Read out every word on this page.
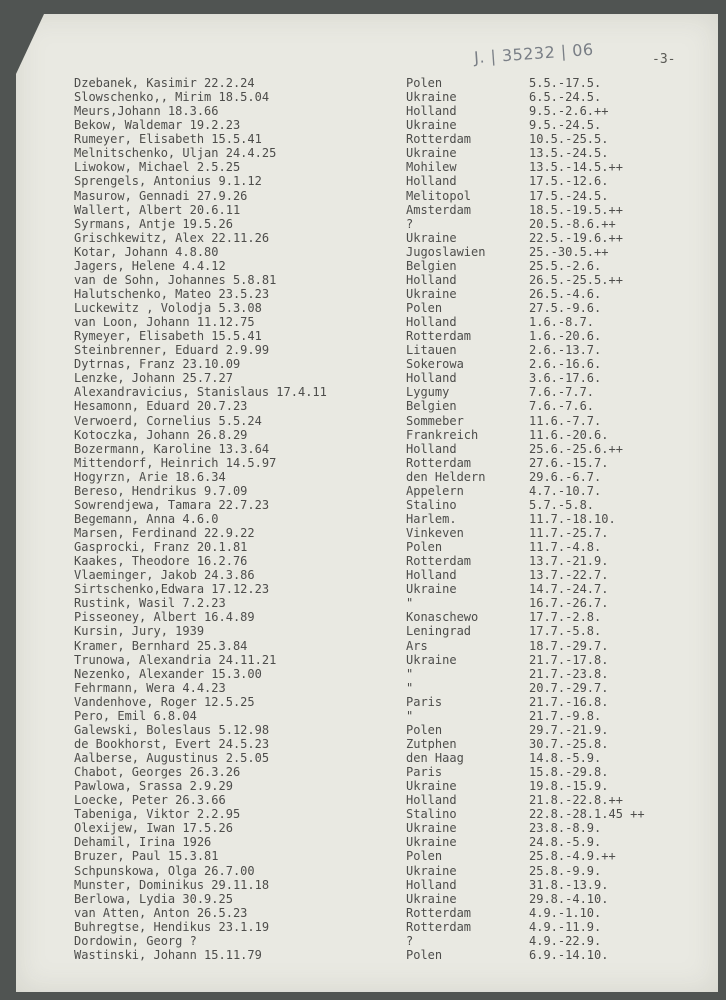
J. | 35232 | 06	-3-
Dzebanek, Kasimir 22.2.24	Polen	5.5.-17.5.
Slowschenko,, Mirim 18.5.04	Ukraine	6.5.-24.5.
Meurs,Johann 18.3.66	Holland	9.5.-2.6.++
Bekow, Waldemar 19.2.23	Ukraine	9.5.-24.5.
Rumeyer, Elisabeth 15.5.41	Rotterdam	10.5.-25.5.
Melnitschenko, Uljan 24.4.25	Ukraine	13.5.-24.5.
Liwokow, Michael 2.5.25	Mohilew	13.5.-14.5.++
Sprengels, Antonius 9.1.12	Holland	17.5.-12.6.
Masurow, Gennadi 27.9.26	Melitopol	17.5.-24.5.
Wallert, Albert 20.6.11	Amsterdam	18.5.-19.5.++
Syrmans, Antje 19.5.26	?	20.5.-8.6.++
Grischkewitz, Alex 22.11.26	Ukraine	22.5.-19.6.++
Kotar, Johann 4.8.80	Jugoslawien	25.-30.5.++
Jagers, Helene 4.4.12	Belgien	25.5.-2.6.
van de Sohn, Johannes 5.8.81	Holland	26.5.-25.5.++
Halutschenko, Mateo 23.5.23	Ukraine	26.5.-4.6.
Luckewitz , Volodja 5.3.08	Polen	27.5.-9.6.
van Loon, Johann 11.12.75	Holland	1.6.-8.7.
Rymeyer, Elisabeth 15.5.41	Rotterdam	1.6.-20.6.
Steinbrenner, Eduard 2.9.99	Litauen	2.6.-13.7.
Dytrnas, Franz 23.10.09	Sokerowa	2.6.-16.6.
Lenzke, Johann 25.7.27	Holland	3.6.-17.6.
Alexandravicius, Stanislaus 17.4.11	Lygumy	7.6.-7.7.
Hesamonn, Eduard 20.7.23	Belgien	7.6.-7.6.
Verwoerd, Cornelius 5.5.24	Sommeber	11.6.-7.7.
Kotoczka, Johann 26.8.29	Frankreich	11.6.-20.6.
Bozermann, Karoline 13.3.64	Holland	25.6.-25.6.++
Mittendorf, Heinrich 14.5.97	Rotterdam	27.6.-15.7.
Hogyrzn, Arie 18.6.34	den Heldern	29.6.-6.7.
Bereso, Hendrikus 9.7.09	Appelern	4.7.-10.7.
Sowrendjewa, Tamara 22.7.23	Stalino	5.7.-5.8.
Begemann, Anna 4.6.0	Harlem.	11.7.-18.10.
Marsen, Ferdinand 22.9.22	Vinkeven	11.7.-25.7.
Gasprocki, Franz 20.1.81	Polen	11.7.-4.8.
Kaakes, Theodore 16.2.76	Rotterdam	13.7.-21.9.
Vlaeminger, Jakob 24.3.86	Holland	13.7.-22.7.
Sirtschenko,Edwara 17.12.23	Ukraine	14.7.-24.7.
Rustink, Wasil 7.2.23	"	16.7.-26.7.
Pisseoney, Albert 16.4.89	Konaschewo	17.7.-2.8.
Kursin, Jury, 1939	Leningrad	17.7.-5.8.
Kramer, Bernhard 25.3.84	Ars	18.7.-29.7.
Trunowa, Alexandria 24.11.21	Ukraine	21.7.-17.8.
Nezenko, Alexander 15.3.00	"	21.7.-23.8.
Fehrmann, Wera 4.4.23	"	20.7.-29.7.
Vandenhove, Roger 12.5.25	Paris	21.7.-16.8.
Pero, Emil 6.8.04	"	21.7.-9.8.
Galewski, Boleslaus 5.12.98	Polen	29.7.-21.9.
de Bookhorst, Evert 24.5.23	Zutphen	30.7.-25.8.
Aalberse, Augustinus 2.5.05	den Haag	14.8.-5.9.
Chabot, Georges 26.3.26	Paris	15.8.-29.8.
Pawlowa, Srassa 2.9.29	Ukraine	19.8.-15.9.
Loecke, Peter 26.3.66	Holland	21.8.-22.8.++
Tabeniga, Viktor 2.2.95	Stalino	22.8.-28.1.45 ++
Olexijew, Iwan 17.5.26	Ukraine	23.8.-8.9.
Dehamil, Irina 1926	Ukraine	24.8.-5.9.
Bruzer, Paul 15.3.81	Polen	25.8.-4.9.++
Schpunskowa, Olga 26.7.00	Ukraine	25.8.-9.9.
Munster, Dominikus 29.11.18	Holland	31.8.-13.9.
Berlowa, Lydia 30.9.25	Ukraine	29.8.-4.10.
van Atten, Anton 26.5.23	Rotterdam	4.9.-1.10.
Buhregtse, Hendikus 23.1.19	Rotterdam	4.9.-11.9.
Dordowin, Georg ?	?	4.9.-22.9.
Wastinski, Johann 15.11.79	Polen	6.9.-14.10.
